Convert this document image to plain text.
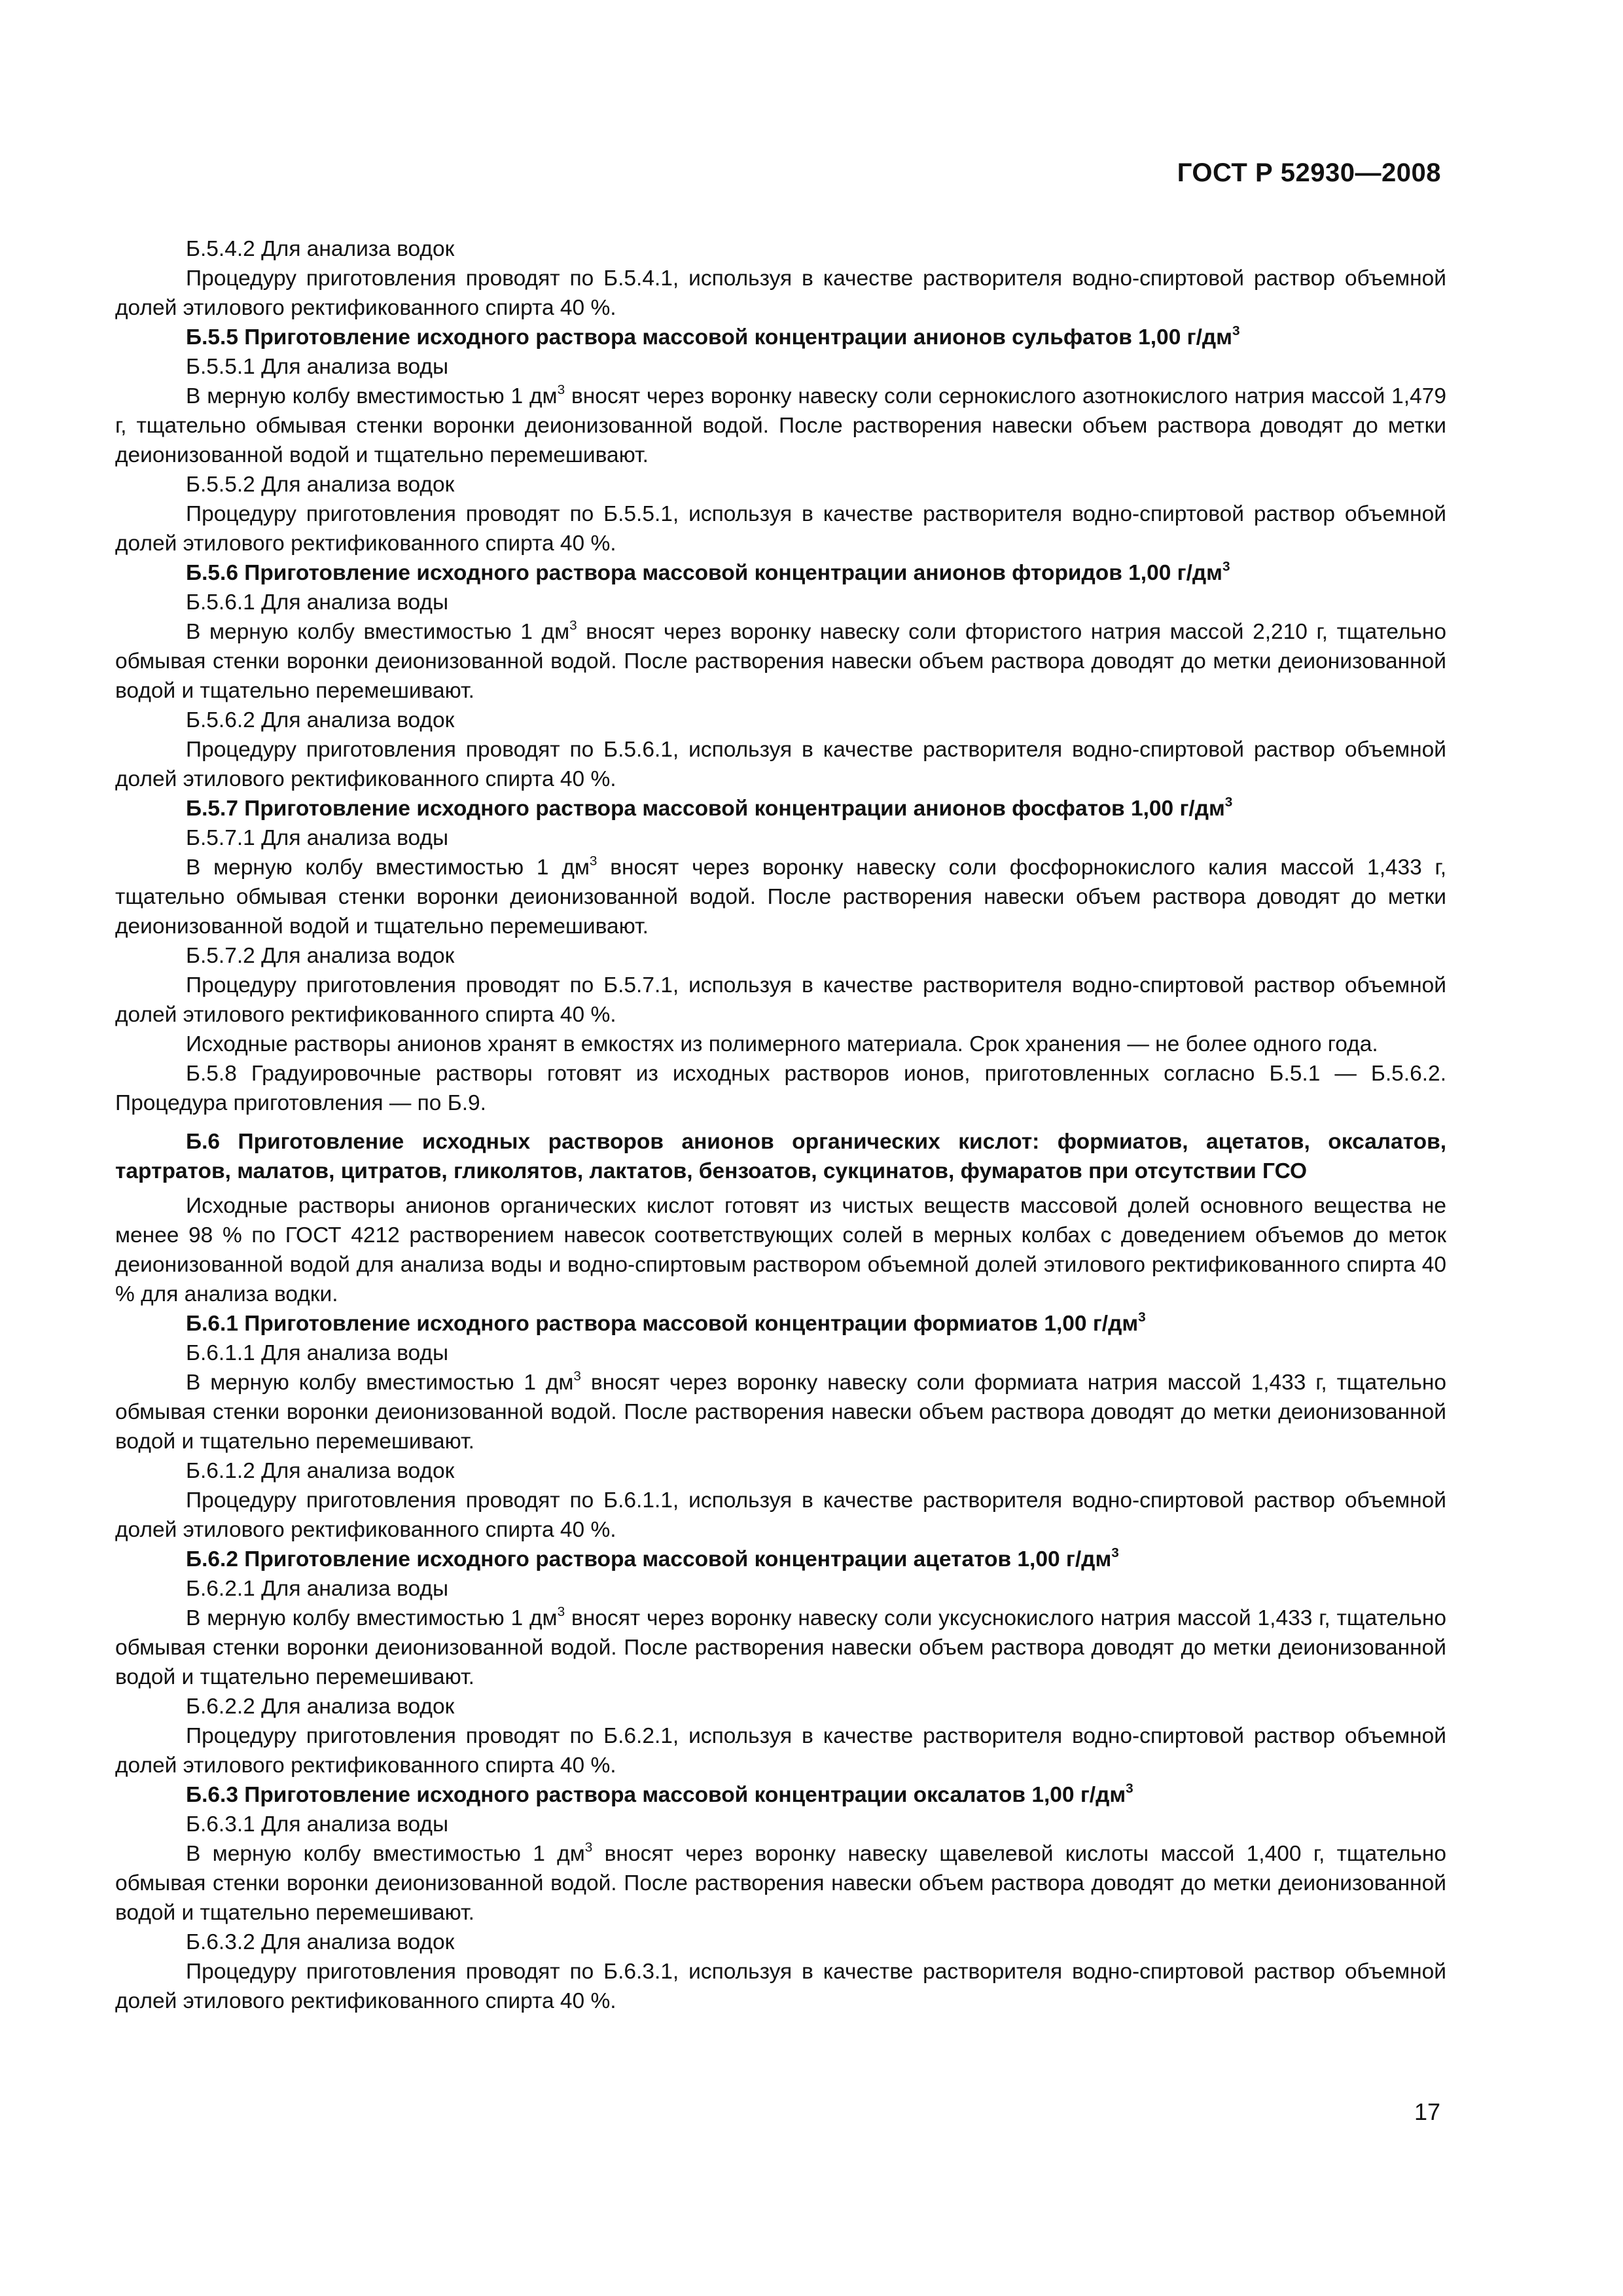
ГОСТ Р 52930—2008

Б.5.4.2 Для анализа водок

Процедуру приготовления проводят по Б.5.4.1, используя в качестве растворителя водно-спиртовой раствор объемной долей этилового ректификованного спирта 40 %.

Б.5.5 Приготовление исходного раствора массовой концентрации анионов сульфатов 1,00 $г/дм^3$

Б.5.5.1 Для анализа воды

В мерную колбу вместимостью 1 $дм^3$ вносят через воронку навеску соли сернокислого азотнокислого натрия массой 1,479 г, тщательно обмывая стенки воронки деионизованной водой. После растворения навески объем раствора доводят до метки деионизованной водой и тщательно перемешивают.

Б.5.5.2 Для анализа водок

Процедуру приготовления проводят по Б.5.5.1, используя в качестве растворителя водно-спиртовой раствор объемной долей этилового ректификованного спирта 40 %.

Б.5.6 Приготовление исходного раствора массовой концентрации анионов фторидов 1,00 $г/дм^3$

Б.5.6.1 Для анализа воды

В мерную колбу вместимостью 1 $дм^3$ вносят через воронку навеску соли фтористого натрия массой 2,210 г, тщательно обмывая стенки воронки деионизованной водой. После растворения навески объем раствора доводят до метки деионизованной водой и тщательно перемешивают.

Б.5.6.2 Для анализа водок

Процедуру приготовления проводят по Б.5.6.1, используя в качестве растворителя водно-спиртовой раствор объемной долей этилового ректификованного спирта 40 %.

Б.5.7 Приготовление исходного раствора массовой концентрации анионов фосфатов 1,00 $г/дм^3$

Б.5.7.1 Для анализа воды

В мерную колбу вместимостью 1 $дм^3$ вносят через воронку навеску соли фосфорнокислого калия массой 1,433 г, тщательно обмывая стенки воронки деионизованной водой. После растворения навески объем раствора доводят до метки деионизованной водой и тщательно перемешивают.

Б.5.7.2 Для анализа водок

Процедуру приготовления проводят по Б.5.7.1, используя в качестве растворителя водно-спиртовой раствор объемной долей этилового ректификованного спирта 40 %.

Исходные растворы анионов хранят в емкостях из полимерного материала. Срок хранения — не более одного года.

Б.5.8 Градуировочные растворы готовят из исходных растворов ионов, приготовленных согласно Б.5.1 — Б.5.6.2. Процедура приготовления — по Б.9.

Б.6 Приготовление исходных растворов анионов органических кислот: формиатов, ацетатов, оксалатов, тартратов, малатов, цитратов, гликолятов, лактатов, бензоатов, сукцинатов, фумаратов при отсутствии ГСО

Исходные растворы анионов органических кислот готовят из чистых веществ массовой долей основного вещества не менее 98 % по ГОСТ 4212 растворением навесок соответствующих солей в мерных колбах с доведением объемов до меток деионизованной водой для анализа воды и водно-спиртовым раствором объемной долей этилового ректификованного спирта 40 % для анализа водки.

Б.6.1 Приготовление исходного раствора массовой концентрации формиатов 1,00 $г/дм^3$

Б.6.1.1 Для анализа воды

В мерную колбу вместимостью 1 $дм^3$ вносят через воронку навеску соли формиата натрия массой 1,433 г, тщательно обмывая стенки воронки деионизованной водой. После растворения навески объем раствора доводят до метки деионизованной водой и тщательно перемешивают.

Б.6.1.2 Для анализа водок

Процедуру приготовления проводят по Б.6.1.1, используя в качестве растворителя водно-спиртовой раствор объемной долей этилового ректификованного спирта 40 %.

Б.6.2 Приготовление исходного раствора массовой концентрации ацетатов 1,00 $г/дм^3$

Б.6.2.1 Для анализа воды

В мерную колбу вместимостью 1 $дм^3$ вносят через воронку навеску соли уксуснокислого натрия массой 1,433 г, тщательно обмывая стенки воронки деионизованной водой. После растворения навески объем раствора доводят до метки деионизованной водой и тщательно перемешивают.

Б.6.2.2 Для анализа водок

Процедуру приготовления проводят по Б.6.2.1, используя в качестве растворителя водно-спиртовой раствор объемной долей этилового ректификованного спирта 40 %.

Б.6.3 Приготовление исходного раствора массовой концентрации оксалатов 1,00 $г/дм^3$

Б.6.3.1 Для анализа воды

В мерную колбу вместимостью 1 $дм^3$ вносят через воронку навеску щавелевой кислоты массой 1,400 г, тщательно обмывая стенки воронки деионизованной водой. После растворения навески объем раствора доводят до метки деионизованной водой и тщательно перемешивают.

Б.6.3.2 Для анализа водок

Процедуру приготовления проводят по Б.6.3.1, используя в качестве растворителя водно-спиртовой раствор объемной долей этилового ректификованного спирта 40 %.

17
